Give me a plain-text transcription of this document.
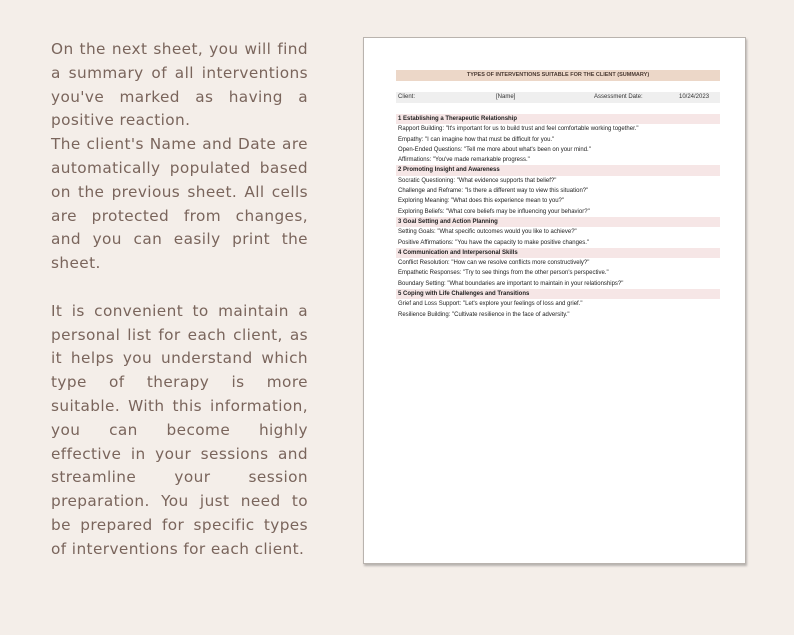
On the next sheet, you will find a summary of all interventions you've marked as having a positive reaction.

The client's Name and Date are automatically populated based on the previous sheet. All cells are protected from changes, and you can easily print the sheet.

It is convenient to maintain a personal list for each client, as it helps you understand which type of therapy is more suitable. With this information, you can become highly effective in your sessions and streamline your session preparation. You just need to be prepared for specific types of interventions for each client.

TYPES OF INTERVENTIONS SUITABLE FOR THE CLIENT (SUMMARY)
Client:	[Name]	Assessment Date:	10/24/2023
1 Establishing a Therapeutic Relationship
Rapport Building: "It's important for us to build trust and feel comfortable working together."
Empathy: "I can imagine how that must be difficult for you."
Open-Ended Questions: "Tell me more about what's been on your mind."
Affirmations: "You've made remarkable progress."
2 Promoting Insight and Awareness
Socratic Questioning: "What evidence supports that belief?"
Challenge and Reframe: "Is there a different way to view this situation?"
Exploring Meaning: "What does this experience mean to you?"
Exploring Beliefs: "What core beliefs may be influencing your behavior?"
3 Goal Setting and Action Planning
Setting Goals: "What specific outcomes would you like to achieve?"
Positive Affirmations: "You have the capacity to make positive changes."
4 Communication and Interpersonal Skills
Conflict Resolution: "How can we resolve conflicts more constructively?"
Empathetic Responses: "Try to see things from the other person's perspective."
Boundary Setting: "What boundaries are important to maintain in your relationships?"
5 Coping with Life Challenges and Transitions
Grief and Loss Support: "Let's explore your feelings of loss and grief."
Resilience Building: "Cultivate resilience in the face of adversity."
